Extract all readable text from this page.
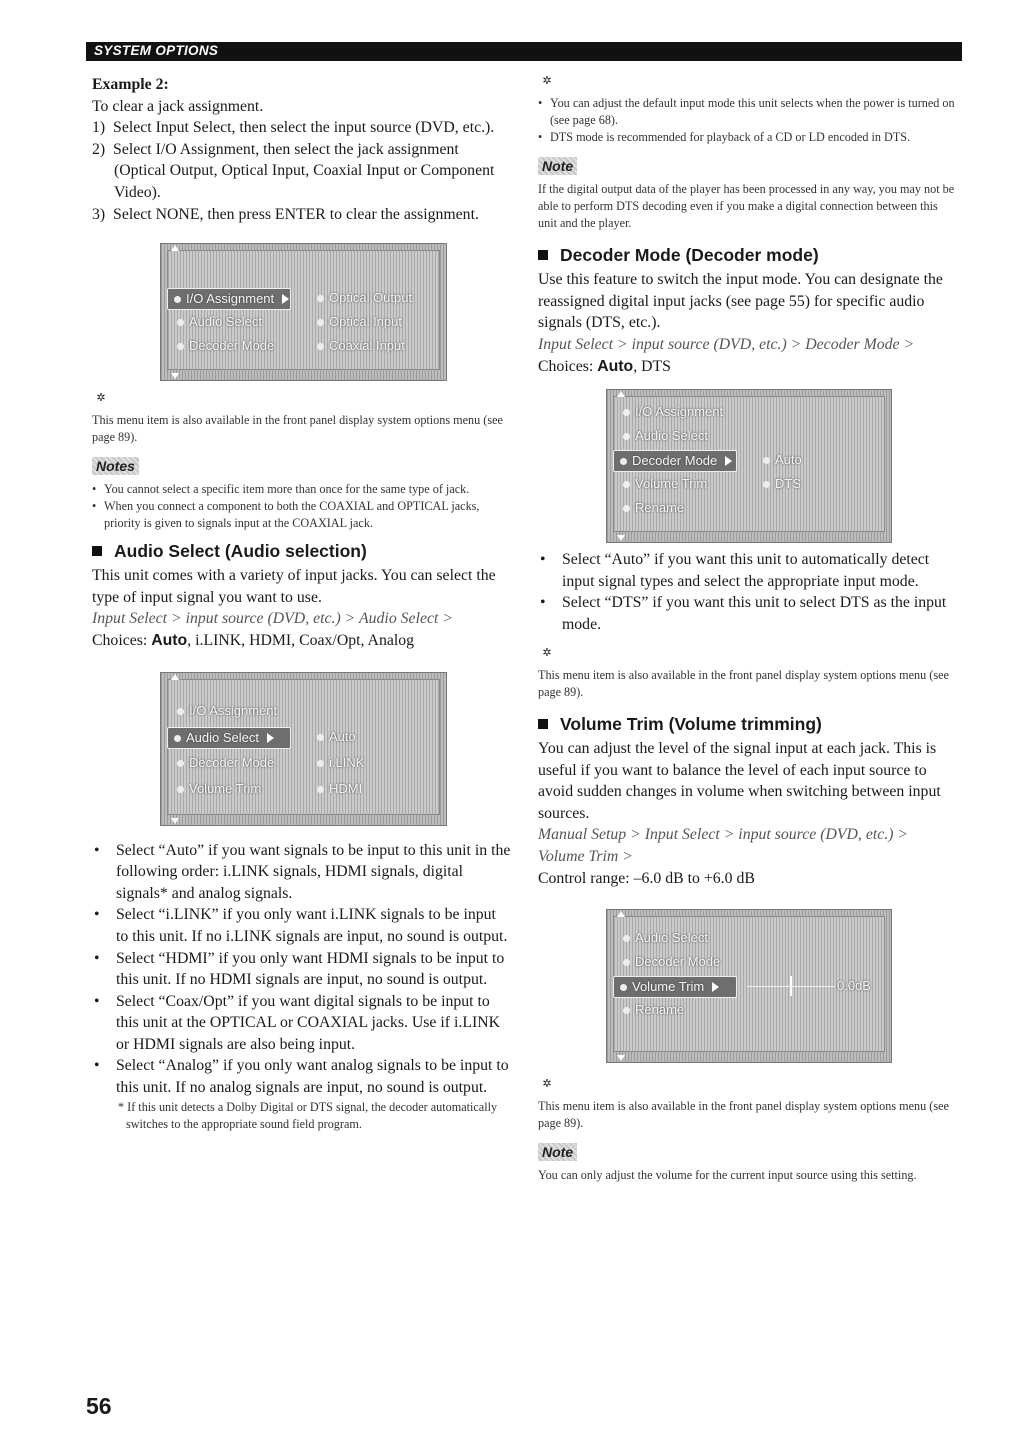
SYSTEM OPTIONS

Example 2:

To clear a jack assignment.

1)  Select Input Select, then select the input source (DVD, etc.).
2)  Select I/O Assignment, then select the jack assignment (Optical Output, Optical Input, Coaxial Input or Component Video).
3)  Select NONE, then press ENTER to clear the assignment.
I/O Assignment
Audio Select
Decoder Mode
Optical Output
Optical Input
Coaxial Input
✲

This menu item is also available in the front panel display system options menu (see page 89).

Notes
• You cannot select a specific item more than once for the same type of jack.
• When you connect a component to both the COAXIAL and OPTICAL jacks, priority is given to signals input at the COAXIAL jack.
Audio Select (Audio selection)

This unit comes with a variety of input jacks. You can select the type of input signal you want to use.

Input Select > input source (DVD, etc.) > Audio Select >

Choices: Auto, i.LINK, HDMI, Coax/Opt, Analog

I/O Assignment
Audio Select
Decoder Mode
Volume Trim
Auto
i.LINK
HDMI
• Select “Auto” if you want signals to be input to this unit in the following order: i.LINK signals, HDMI signals, digital signals* and analog signals.
• Select “i.LINK” if you only want i.LINK signals to be input to this unit. If no i.LINK signals are input, no sound is output.
• Select “HDMI” if you only want HDMI signals to be input to this unit. If no HDMI signals are input, no sound is output.
• Select “Coax/Opt” if you want digital signals to be input to this unit at the OPTICAL or COAXIAL jacks. Use if i.LINK or HDMI signals are also being input.
• Select “Analog” if you only want analog signals to be input to this unit. If no analog signals are input, no sound is output.

* If this unit detects a Dolby Digital or DTS signal, the decoder automatically switches to the appropriate sound field program.

✲
• You can adjust the default input mode this unit selects when the power is turned on (see page 68).
• DTS mode is recommended for playback of a CD or LD encoded in DTS.
Note

If the digital output data of the player has been processed in any way, you may not be able to perform DTS decoding even if you make a digital connection between this unit and the player.

Decoder Mode (Decoder mode)

Use this feature to switch the input mode. You can designate the reassigned digital input jacks (see page 55) for specific audio signals (DTS, etc.).

Input Select > input source (DVD, etc.) > Decoder Mode >

Choices: Auto, DTS

I/O Assignment
Audio Select
Decoder Mode
Volume Trim
Rename
Auto
DTS
• Select “Auto” if you want this unit to automatically detect input signal types and select the appropriate input mode.
• Select “DTS” if you want this unit to select DTS as the input mode.
✲

This menu item is also available in the front panel display system options menu (see page 89).

Volume Trim (Volume trimming)

You can adjust the level of the signal input at each jack. This is useful if you want to balance the level of each input source to avoid sudden changes in volume when switching between input sources.

Manual Setup > Input Select > input source (DVD, etc.) > Volume Trim >

Control range: –6.0 dB to +6.0 dB

Audio Select
Decoder Mode
Volume Trim
Rename
0.0dB
✲

This menu item is also available in the front panel display system options menu (see page 89).

Note

You can only adjust the volume for the current input source using this setting.

56
